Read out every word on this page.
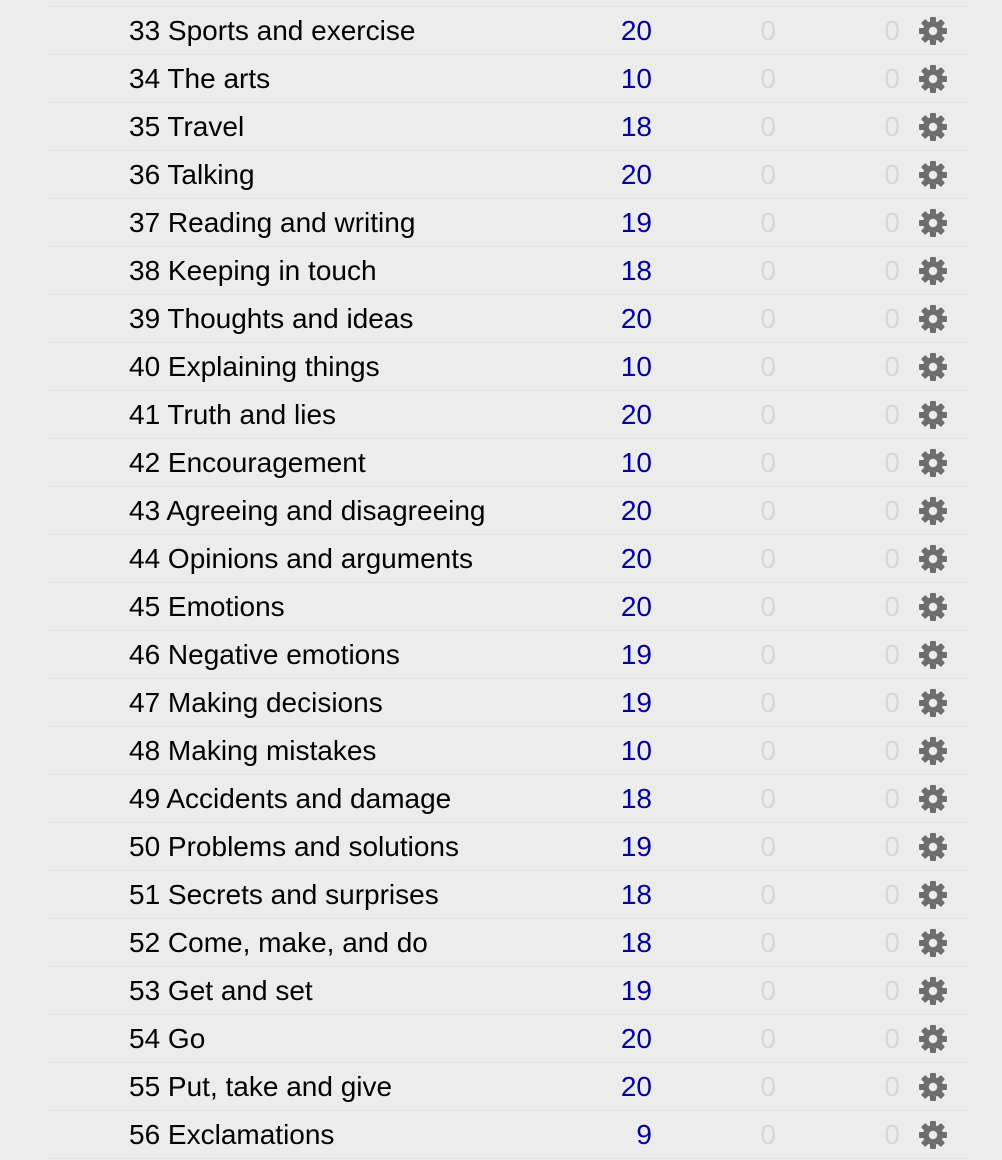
33 Sports and exercise	20	0	0
34 The arts	10	0	0
35 Travel	18	0	0
36 Talking	20	0	0
37 Reading and writing	19	0	0
38 Keeping in touch	18	0	0
39 Thoughts and ideas	20	0	0
40 Explaining things	10	0	0
41 Truth and lies	20	0	0
42 Encouragement	10	0	0
43 Agreeing and disagreeing	20	0	0
44 Opinions and arguments	20	0	0
45 Emotions	20	0	0
46 Negative emotions	19	0	0
47 Making decisions	19	0	0
48 Making mistakes	10	0	0
49 Accidents and damage	18	0	0
50 Problems and solutions	19	0	0
51 Secrets and surprises	18	0	0
52 Come, make, and do	18	0	0
53 Get and set	19	0	0
54 Go	20	0	0
55 Put, take and give	20	0	0
56 Exclamations	9	0	0
